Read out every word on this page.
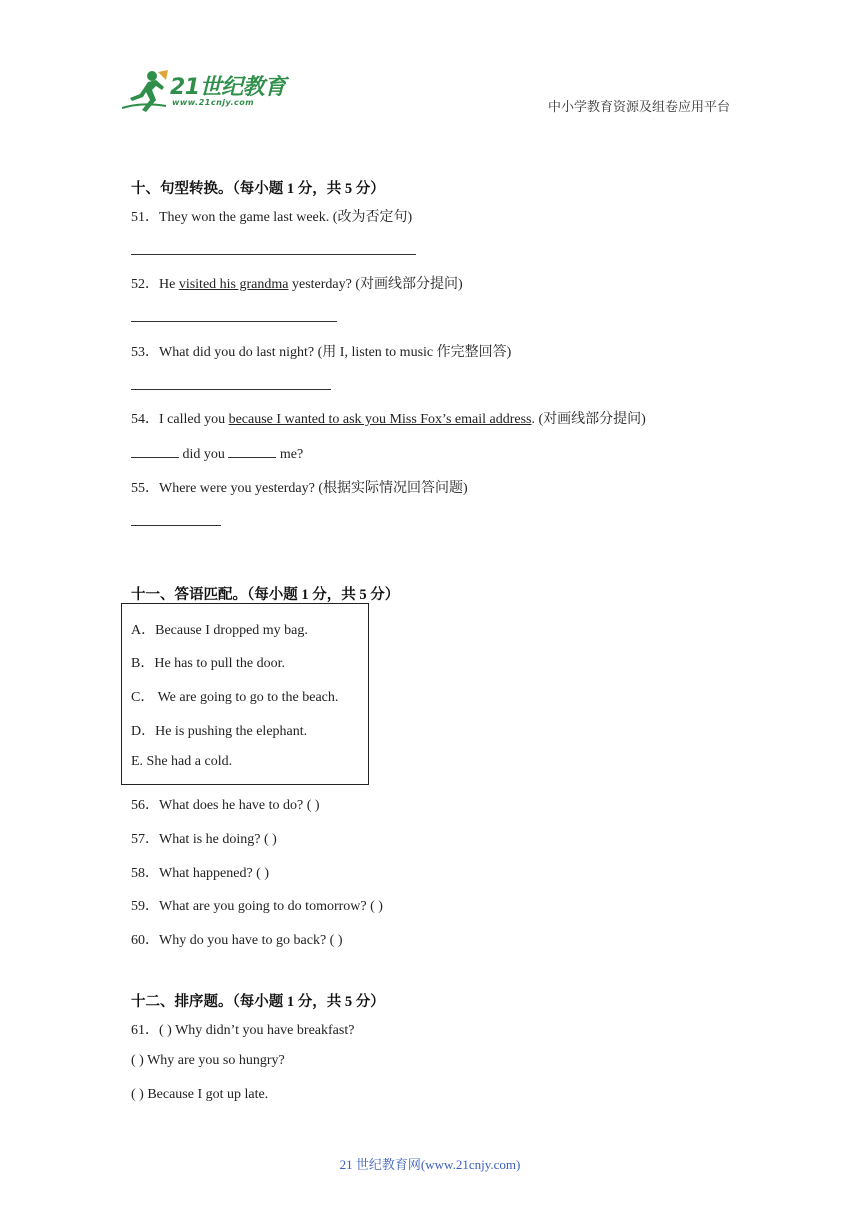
21世纪教育
www.21cnjy.com	中小学教育资源及组卷应用平台
十、句型转换。（每小题 1 分，共 5 分）
51．They won the game last week. (改为否定句)
52．He visited his grandma yesterday? (对画线部分提问)
53．What did you do last night? (用 I, listen to music 作完整回答)
54．I called you because I wanted to ask you Miss Fox’s email address. (对画线部分提问)
did you	me?
55．Where were you yesterday? (根据实际情况回答问题)
十一、答语匹配。（每小题 1 分，共 5 分）
A．Because I dropped my bag.
B．He has to pull the door.
C． We are going to go to the beach.
D．He is pushing the elephant.
E. She had a cold.
56．What does he have to do? ( )
57．What is he doing? ( )
58．What happened? ( )
59．What are you going to do tomorrow? ( )
60．Why do you have to go back? ( )
十二、排序题。（每小题 1 分，共 5 分）
61．( ) Why didn’t you have breakfast?
( ) Why are you so hungry?
( ) Because I got up late.
21 世纪教育网(www.21cnjy.com)
